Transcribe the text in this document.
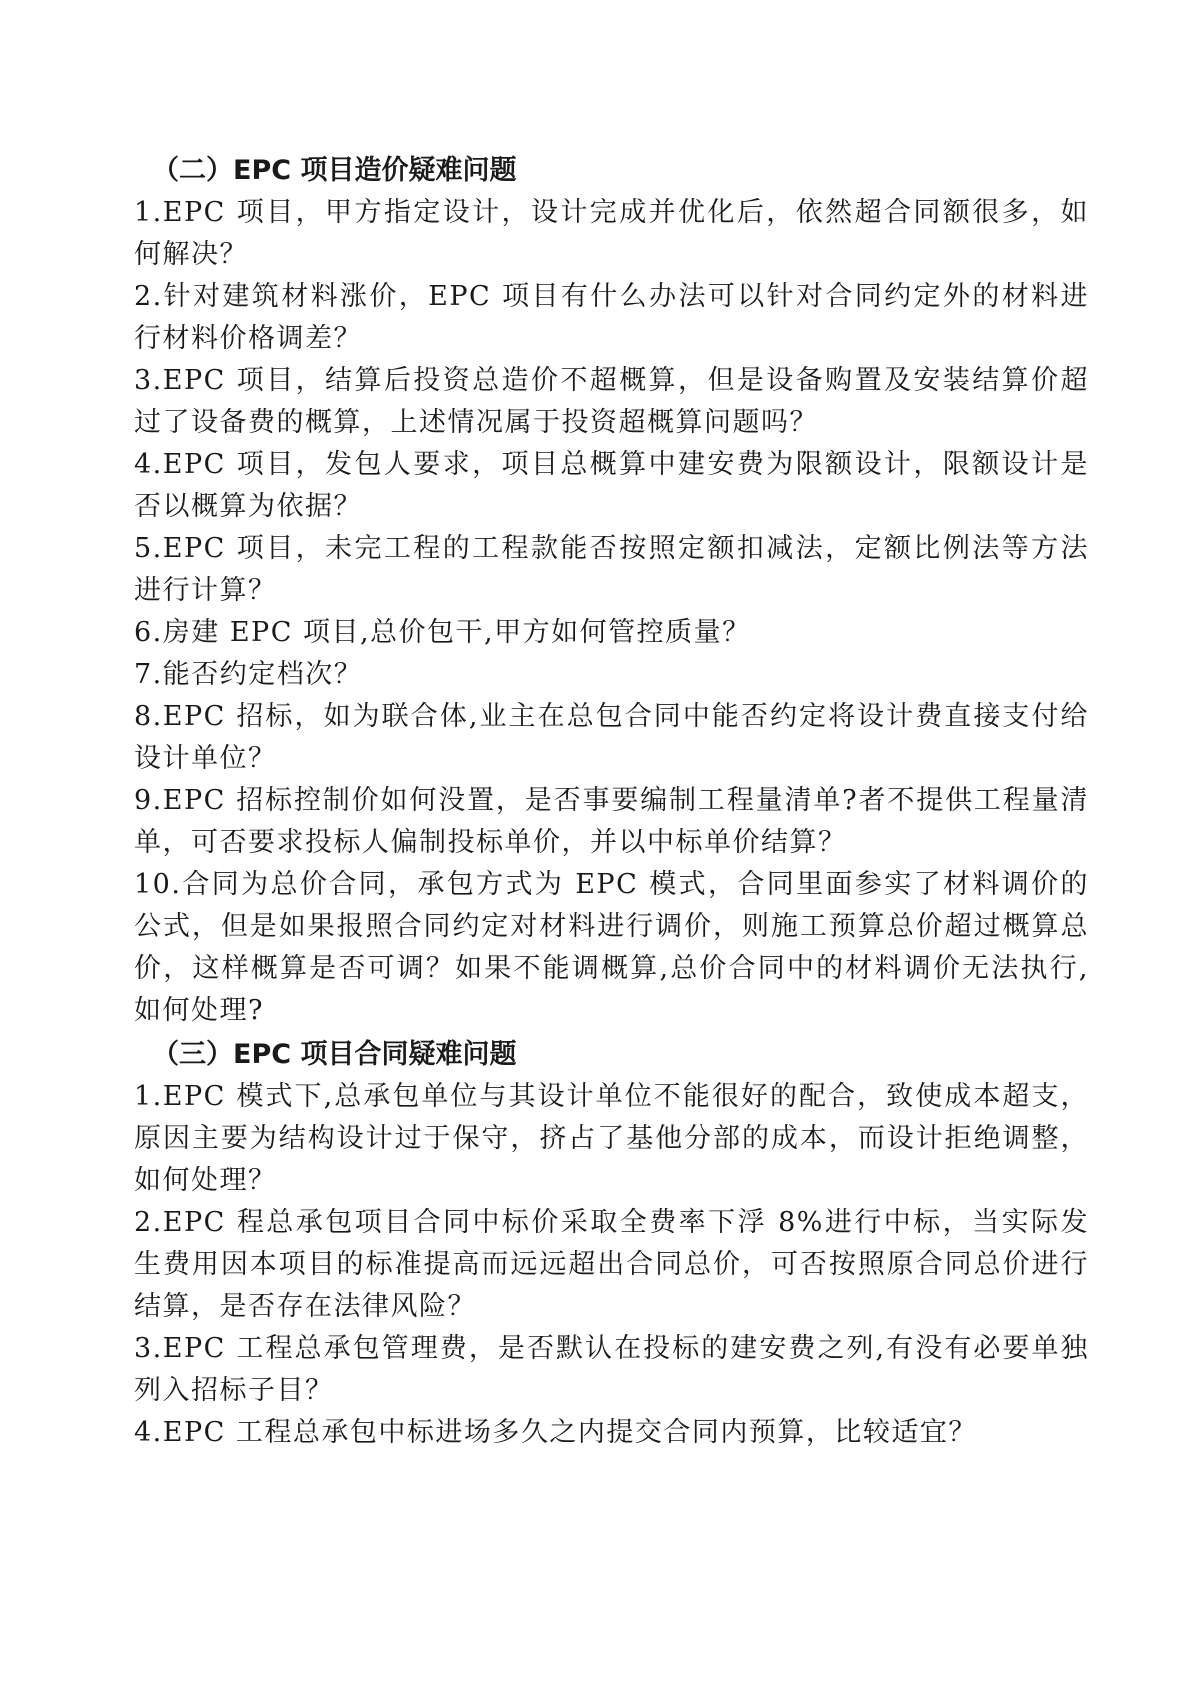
（二）EPC 项目造价疑难问题

1.EPC 项目，甲方指定设计，设计完成并优化后，依然超合同额很多，如何解决？

2.针对建筑材料涨价，EPC 项目有什么办法可以针对合同约定外的材料进行材料价格调差？

3.EPC 项目，结算后投资总造价不超概算，但是设备购置及安装结算价超过了设备费的概算，上述情况属于投资超概算问题吗？

4.EPC 项目，发包人要求，项目总概算中建安费为限额设计，限额设计是否以概算为依据？

5.EPC 项目，未完工程的工程款能否按照定额扣减法，定额比例法等方法进行计算？

6.房建 EPC 项目,总价包干,甲方如何管控质量？

7.能否约定档次？

8.EPC 招标，如为联合体,业主在总包合同中能否约定将设计费直接支付给设计单位？

9.EPC 招标控制价如何没置，是否事要编制工程量清单?者不提供工程量清单，可否要求投标人偏制投标单价，并以中标单价结算？

10.合同为总价合同，承包方式为 EPC 模式，合同里面参实了材料调价的公式，但是如果报照合同约定对材料进行调价，则施工预算总价超过概算总价，这样概算是否可调？如果不能调概算,总价合同中的材料调价无法执行,如何处理?

（三）EPC 项目合同疑难问题

1.EPC 模式下,总承包单位与其设计单位不能很好的配合，致使成本超支，原因主要为结构设计过于保守，挤占了基他分部的成本，而设计拒绝调整，如何处理？

2.EPC 程总承包项目合同中标价采取全费率下浮 8%进行中标，当实际发生费用因本项目的标准提高而远远超出合同总价，可否按照原合同总价进行结算，是否存在法律风险？

3.EPC 工程总承包管理费，是否默认在投标的建安费之列,有没有必要单独列入招标子目？

4.EPC 工程总承包中标进场多久之内提交合同内预算，比较适宜？
